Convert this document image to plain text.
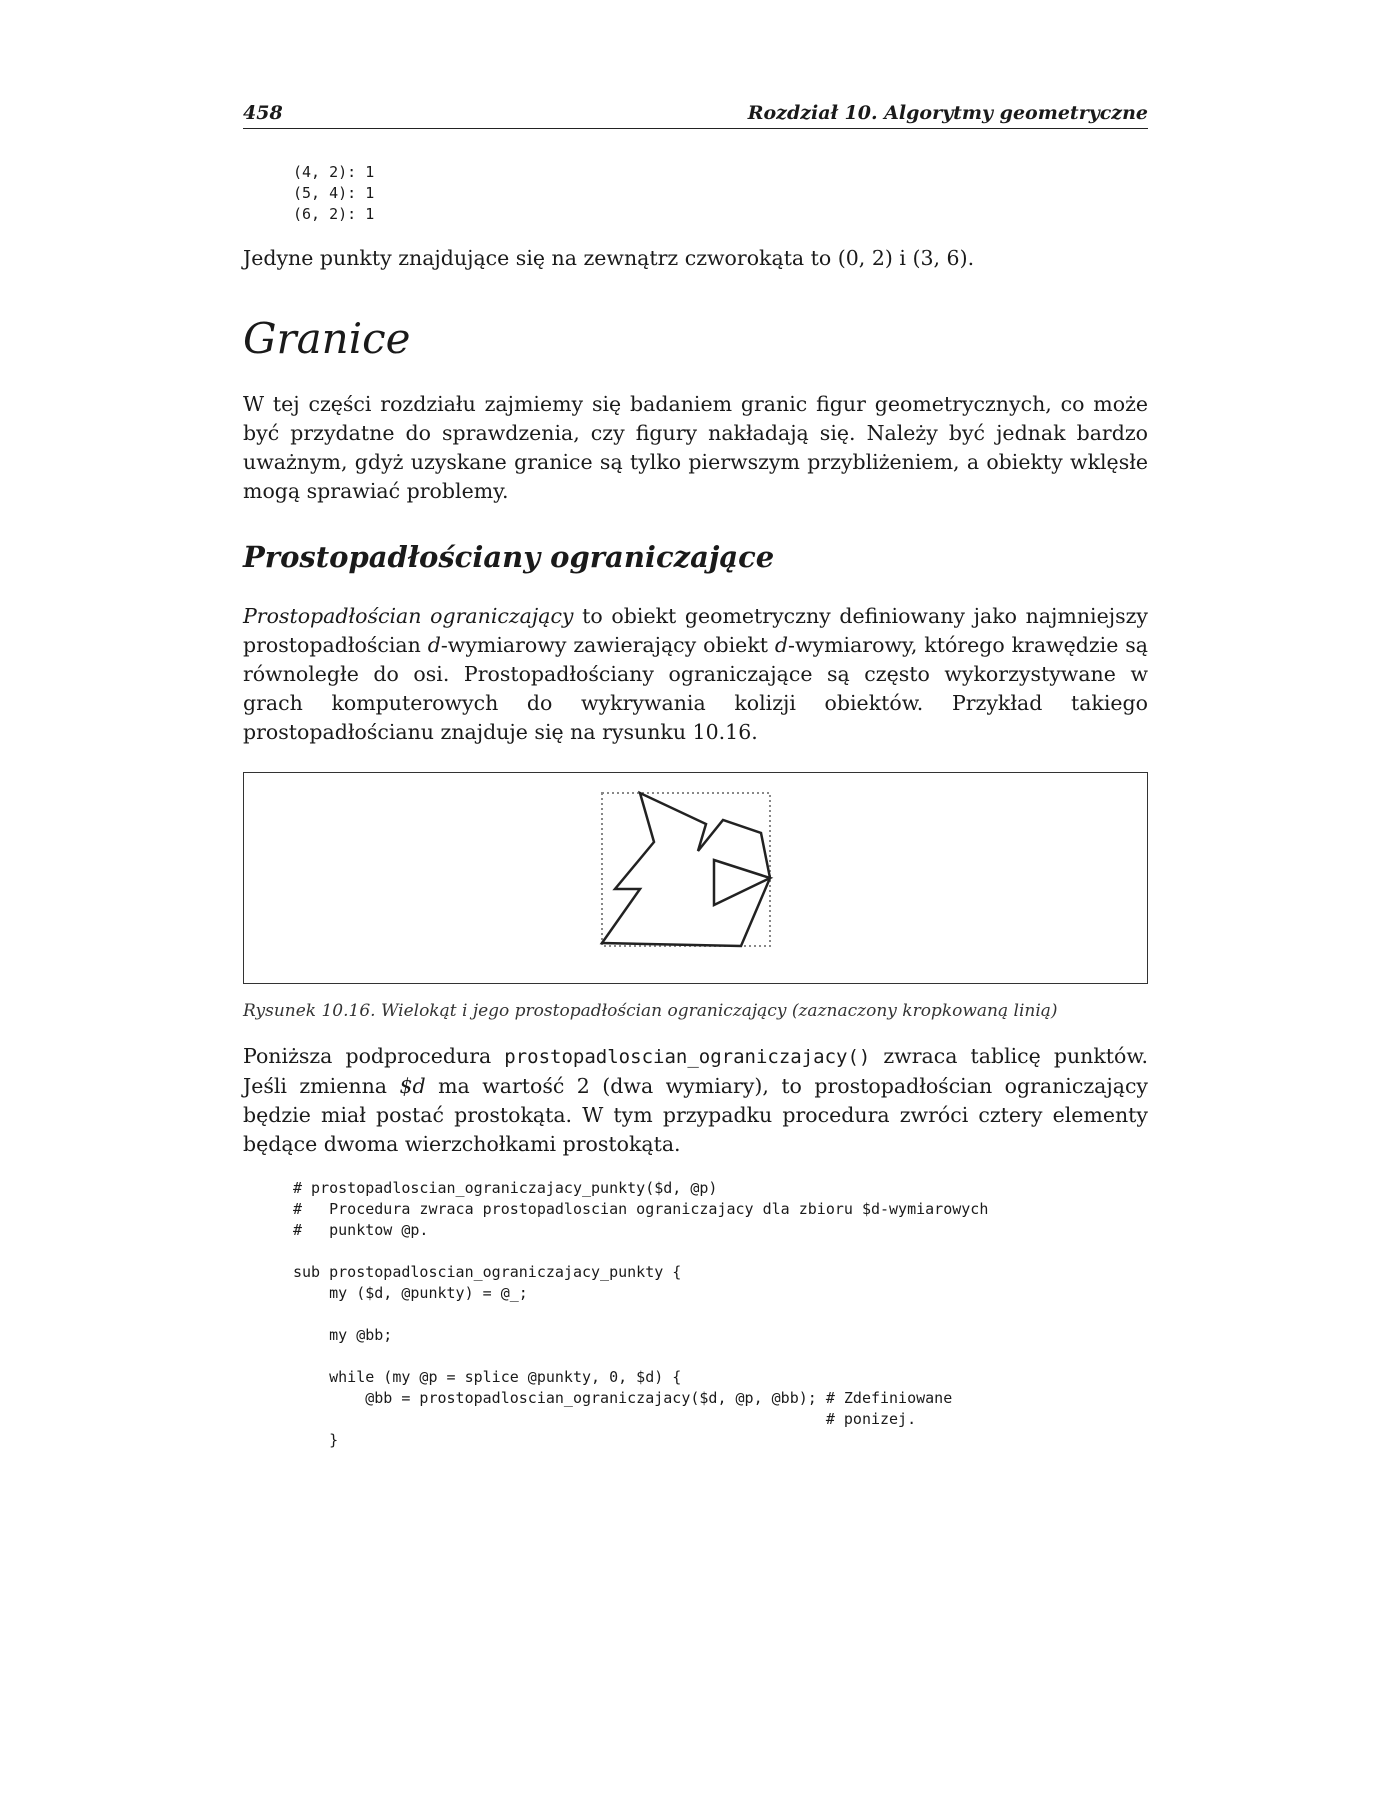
458	Rozdział 10. Algorytmy geometryczne
(4, 2): 1
(5, 4): 1
(6, 2): 1

Jedyne punkty znajdujące się na zewnątrz czworokąta to (0, 2) i (3, 6).

Granice

W tej części rozdziału zajmiemy się badaniem granic figur geometrycznych, co może być przydatne do sprawdzenia, czy figury nakładają się. Należy być jednak bardzo uważnym, gdyż uzyskane granice są tylko pierwszym przybliżeniem, a obiekty wklęsłe mogą sprawiać problemy.

Prostopadłościany ograniczające

Prostopadłościan ograniczający to obiekt geometryczny definiowany jako najmniejszy prostopadłościan d-wymiarowy zawierający obiekt d-wymiarowy, którego krawędzie są równoległe do osi. Prostopadłościany ograniczające są często wykorzystywane w grach komputerowych do wykrywania kolizji obiektów. Przykład takiego prostopadłościanu znajduje się na rysunku 10.16.

Rysunek 10.16. Wielokąt i jego prostopadłościan ograniczający (zaznaczony kropkowaną linią)

Poniższa podprocedura prostopadloscian_ograniczajacy() zwraca tablicę punktów. Jeśli zmienna $d ma wartość 2 (dwa wymiary), to prostopadłościan ograniczający będzie miał postać prostokąta. W tym przypadku procedura zwróci cztery elementy będące dwoma wierzchołkami prostokąta.

# prostopadloscian_ograniczajacy_punkty($d, @p)
#   Procedura zwraca prostopadloscian ograniczajacy dla zbioru $d-wymiarowych
#   punktow @p.
sub prostopadloscian_ograniczajacy_punkty {
my ($d, @punkty) = @_;
my @bb;
while (my @p = splice @punkty, 0, $d) {
@bb = prostopadloscian_ograniczajacy($d, @p, @bb); # Zdefiniowane
# ponizej.
}
